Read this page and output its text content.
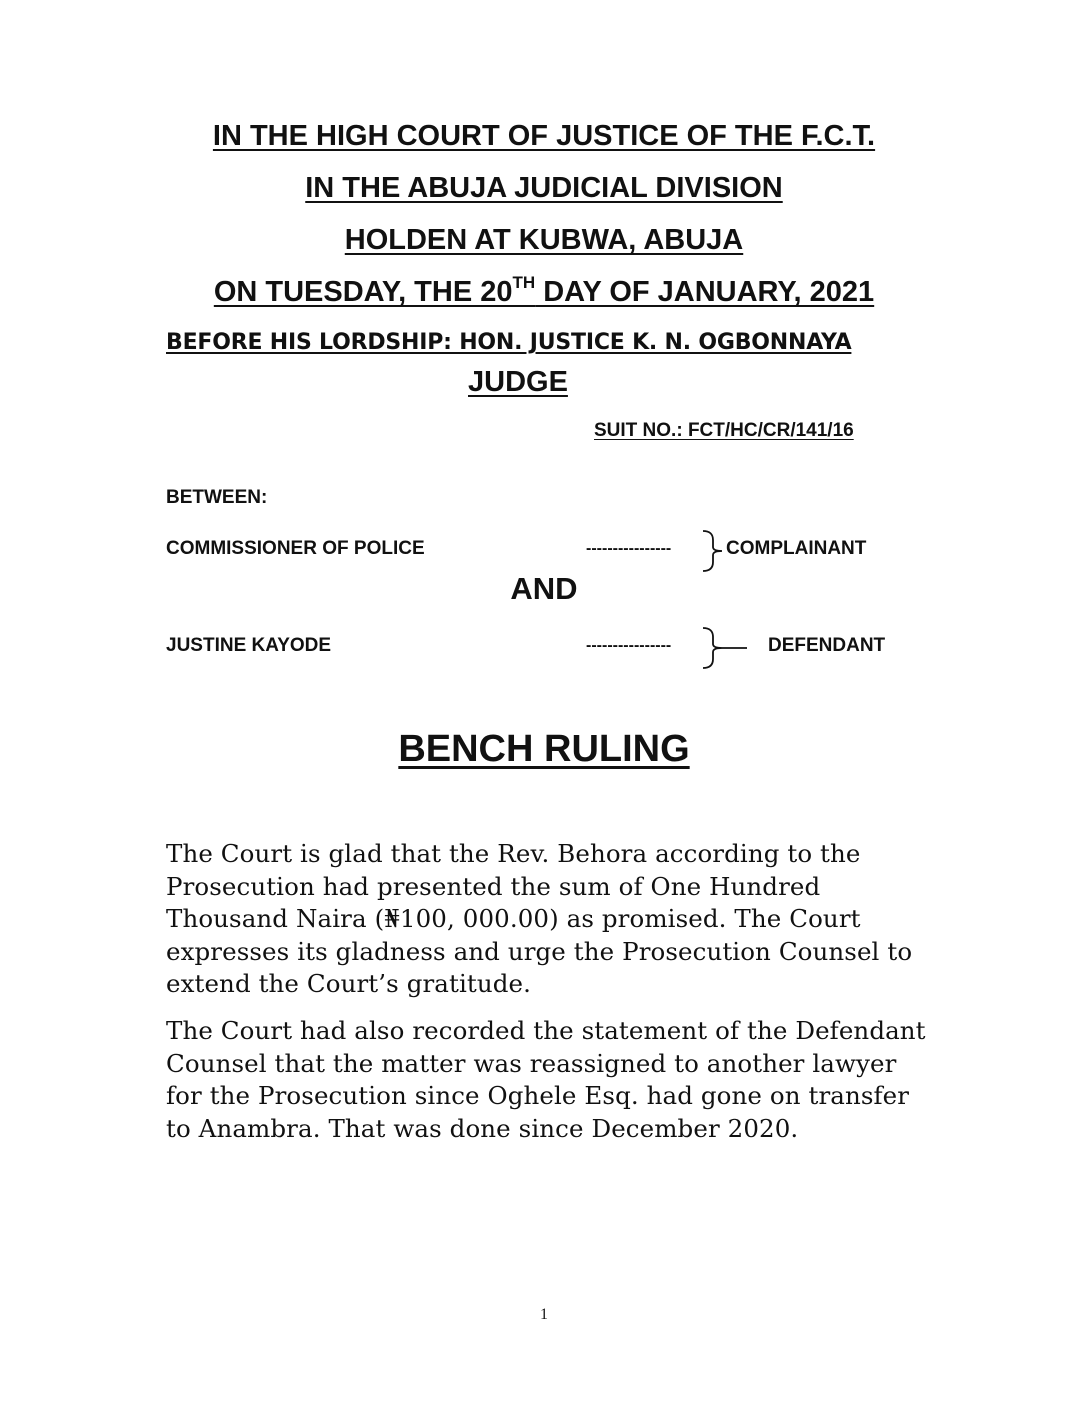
IN THE HIGH COURT OF JUSTICE OF THE F.C.T.

IN THE ABUJA JUDICIAL DIVISION

HOLDEN AT KUBWA, ABUJA

ON TUESDAY, THE 20TH DAY OF JANUARY, 2021

BEFORE HIS LORDSHIP: HON. JUSTICE K. N. OGBONNAYA

JUDGE

SUIT NO.: FCT/HC/CR/141/16

BETWEEN:

COMMISSIONER OF POLICE	----------------	COMPLAINANT

AND

JUSTINE KAYODE	----------------	DEFENDANT

BENCH RULING

The Court is glad that the Rev. Behora according to the Prosecution had presented the sum of One Hundred Thousand Naira (₦100, 000.00) as promised. The Court expresses its gladness and urge the Prosecution Counsel to extend the Court’s gratitude.

The Court had also recorded the statement of the Defendant Counsel that the matter was reassigned to another lawyer for the Prosecution since Oghele Esq. had gone on transfer to Anambra. That was done since December 2020.

1
